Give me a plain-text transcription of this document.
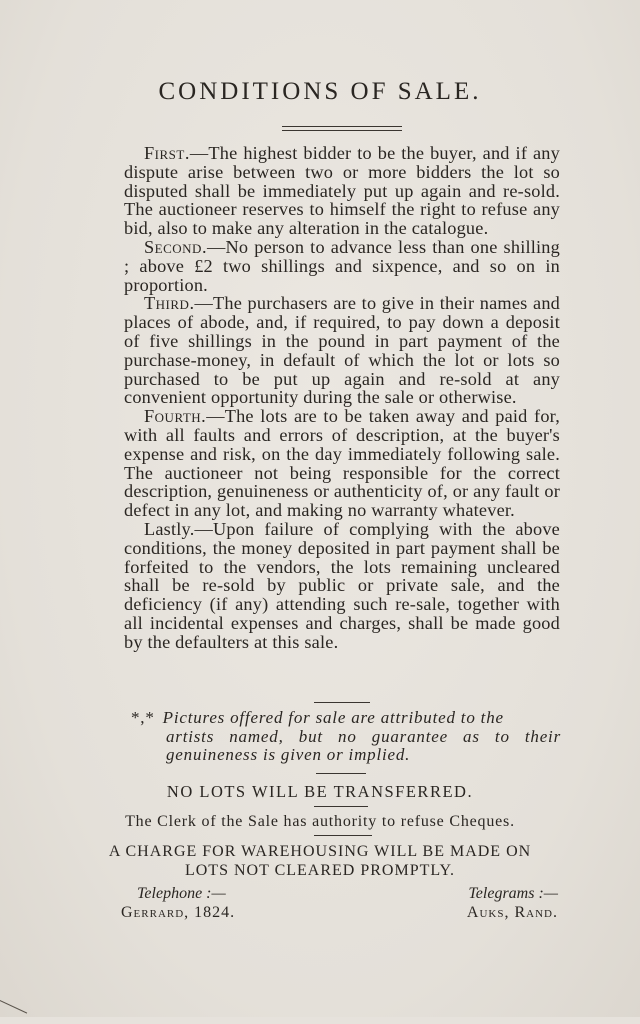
CONDITIONS OF SALE.

First.—The highest bidder to be the buyer, and if any dispute arise between two or more bidders the lot so disputed shall be immediately put up again and re-sold. The auctioneer reserves to himself the right to refuse any bid, also to make any alteration in the catalogue.

Second.—No person to advance less than one shilling ; above £2 two shillings and sixpence, and so on in proportion.

Third.—The purchasers are to give in their names and places of abode, and, if required, to pay down a deposit of five shillings in the pound in part payment of the purchase-money, in default of which the lot or lots so purchased to be put up again and re-sold at any convenient opportunity during the sale or otherwise.

Fourth.—The lots are to be taken away and paid for, with all faults and errors of description, at the buyer's expense and risk, on the day immediately following sale. The auctioneer not being responsible for the correct description, genuineness or authenticity of, or any fault or defect in any lot, and making no warranty whatever.

Lastly.—Upon failure of complying with the above conditions, the money deposited in part payment shall be forfeited to the vendors, the lots remaining uncleared shall be re-sold by public or private sale, and the deficiency (if any) attending such re-sale, together with all incidental expenses and charges, shall be made good by the defaulters at this sale.

*,* Pictures offered for sale are attributed to the
artists named, but no guarantee as to their genuineness is given or implied.
NO LOTS WILL BE TRANSFERRED.
The Clerk of the Sale has authority to refuse Cheques.
A CHARGE FOR WAREHOUSING WILL BE MADE ON
LOTS NOT CLEARED PROMPTLY.
Telephone :—
Gerrard, 1824.
Telegrams :—
Auks, Rand.
